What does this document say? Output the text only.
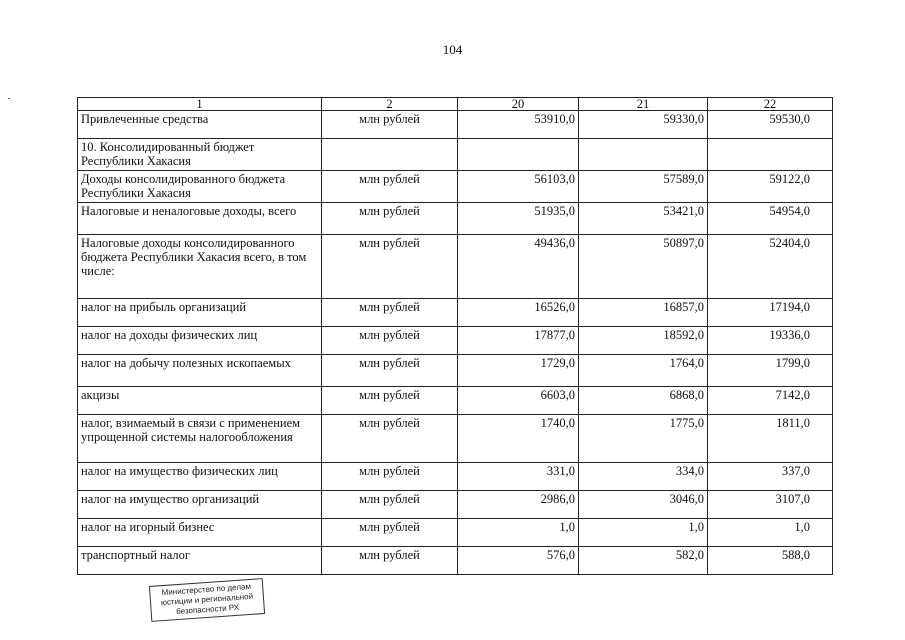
104
1	2	20	21	22
Привлеченные средства	млн рублей	53910,0	59330,0	59530,0
10. Консолидированный бюджет Республики Хакасия				
Доходы консолидированного бюджета Республики Хакасия	млн рублей	56103,0	57589,0	59122,0
Налоговые и неналоговые доходы, всего	млн рублей	51935,0	53421,0	54954,0
Налоговые доходы консолидированного бюджета Республики Хакасия всего, в том числе:	млн рублей	49436,0	50897,0	52404,0
налог на прибыль организаций	млн рублей	16526,0	16857,0	17194,0
налог на доходы физических лиц	млн рублей	17877,0	18592,0	19336,0
налог на добычу полезных ископаемых	млн рублей	1729,0	1764,0	1799,0
акцизы	млн рублей	6603,0	6868,0	7142,0
налог, взимаемый в связи с применением упрощенной системы налогообложения	млн рублей	1740,0	1775,0	1811,0
налог на имущество физических лиц	млн рублей	331,0	334,0	337,0
налог на имущество организаций	млн рублей	2986,0	3046,0	3107,0
налог на игорный бизнес	млн рублей	1,0	1,0	1,0
транспортный налог	млн рублей	576,0	582,0	588,0
Министерство по делам юстиции и региональной безопасности РХ
